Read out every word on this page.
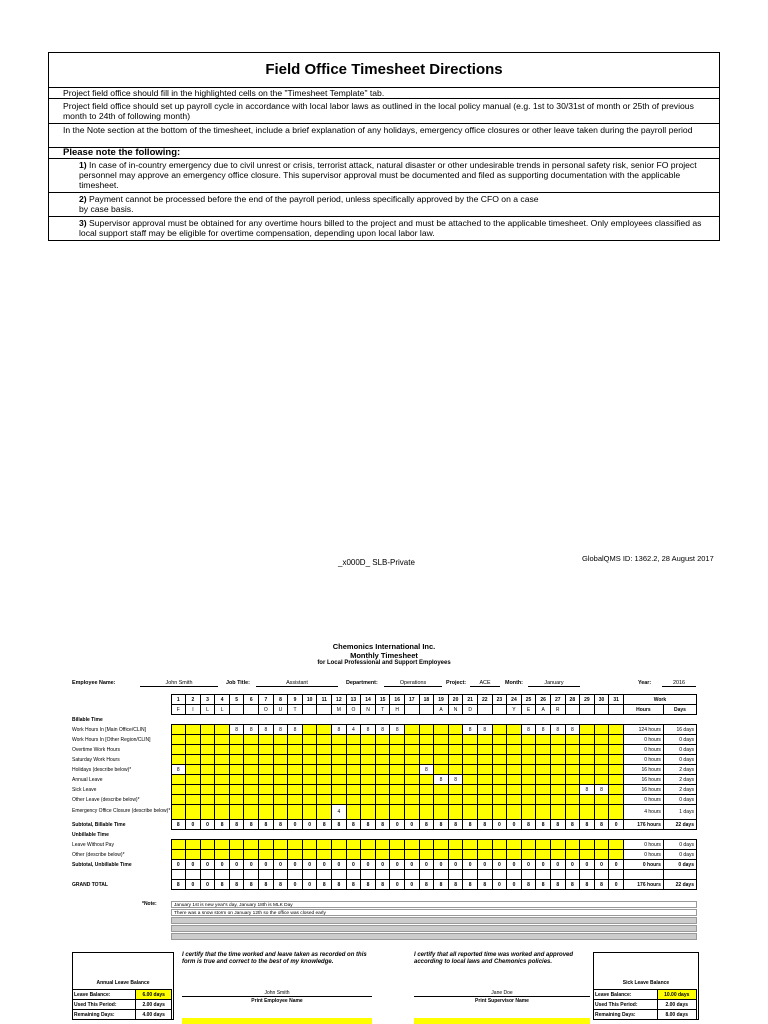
Field Office Timesheet Directions
Project field office should fill in the highlighted cells on the "Timesheet Template" tab.
Project field office should set up payroll cycle in accordance with local labor laws as outlined in the local policy manual (e.g. 1st to 30/31st of month or 25th of previous month to 24th of following month)
In the Note section at the bottom of the timesheet, include a brief explanation of any holidays, emergency office closures or other leave taken during the payroll period
Please note the following:
1) In case of in-country emergency due to civil unrest or crisis, terrorist attack, natural disaster or other undesirable trends in personal safety risk, senior FO project personnel may approve an emergency office closure. This supervisor approval must be documented and filed as supporting documentation with the applicable timesheet.
2) Payment cannot be processed before the end of the payroll period, unless specifically approved by the CFO on a case by case basis.
3) Supervisor approval must be obtained for any overtime hours billed to the project and must be attached to the applicable timesheet. Only employees classified as local support staff may be eligible for overtime compensation, depending upon local labor law.
_x000D_ SLB-Private	GlobalQMS ID: 1362.2, 28 August 2017
Chemonics International Inc.
Monthly Timesheet
for Local Professional and Support Employees
Employee Name:	John Smith	Job Title:	Assistant	Department:	Operations	Project:	ACE	Month:	January	Year:	2016
	1	2	3	4	5	6	7	8	9	10	11	12	13	14	15	16	17	18	19	20	21	22	23	24	25	26	27	28	29	30	31	Work	
	F	I	L	L			O	U	T			M	O	N	T	H			A	N	D			Y	E	A	R					Hours	Days
Billable Time																																	
Work Hours In [Main Office/CLIN]					8	8	8	8	8			8	4	8	8	8					8	8			8	8	8	8				124 hours	16 days
Work Hours In [Other Region/CLIN]																																0 hours	0 days
Overtime Work Hours																																0 hours	0 days
Saturday Work Hours																																0 hours	0 days
Holidays (describe below)*	8																	8														16 hours	2 days
Annual Leave																			8	8												16 hours	2 days
Sick Leave																													8	8		16 hours	2 days
Other Leave (describe below)*																																0 hours	0 days
Emergency Office Closure (describe below)*												4																				4 hours	1 days
Subtotal, Billable Time	8	0	0	8	8	8	8	8	0	0	8	8	8	8	8	0	0	8	8	8	8	8	0	0	8	8	8	8	8	8	0	176 hours	22 days
Unbillable Time																																	
Leave Without Pay																																0 hours	0 days
Other (describe below)*																																0 hours	0 days
Subtotal, Unbillable Time	0	0	0	0	0	0	0	0	0	0	0	0	0	0	0	0	0	0	0	0	0	0	0	0	0	0	0	0	0	0	0	0 hours	0 days

GRAND TOTAL	8	0	0	8	8	8	8	8	0	0	8	8	8	8	8	0	0	8	8	8	8	8	0	0	8	8	8	8	8	8	0	176 hours	22 days
*Note:	January 1st is new year's day, January 18th is MLK Day
There was a snow storm on January 12th so the office was closed early
Annual Leave Balance
Leave Balance:	6.00 days
Used This Period:	2.00 days
Remaining Days:	4.00 days
I certify that the time worked and leave taken as recorded on this form is true and correct to the best of my knowledge.
John Smith
Print Employee Name
I certify that all reported time was worked and approved according to local laws and Chemonics policies.
Jane Doe
Print Supervisor Name
Sick Leave Balance
Leave Balance:	10.00 days
Used This Period:	2.00 days
Remaining Days:	8.00 days
